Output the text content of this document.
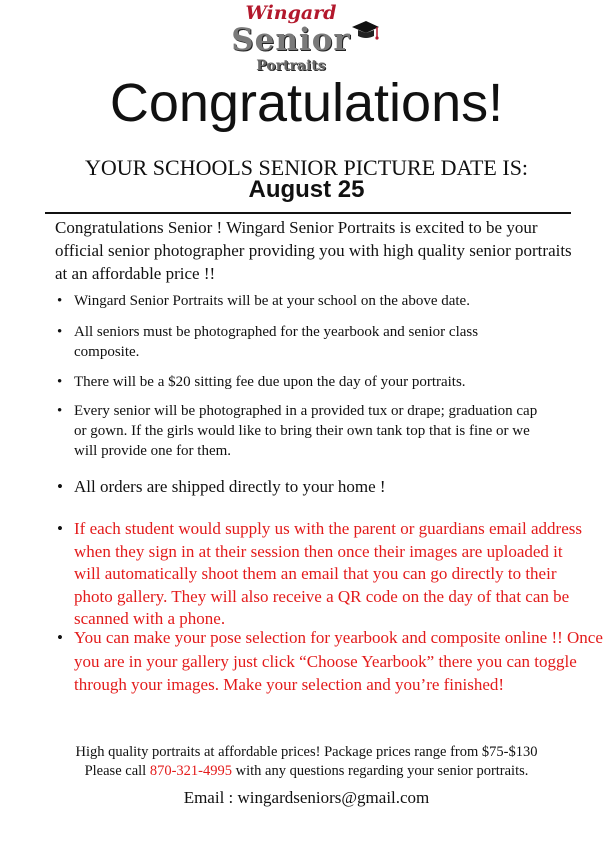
Wingard
Senior
Portraits
Congratulations!
YOUR SCHOOLS SENIOR PICTURE DATE IS:
August 25
Congratulations Senior ! Wingard Senior Portraits is excited to be your official senior photographer providing you with high quality senior portraits at an affordable price !!
• Wingard Senior Portraits will be at your school on the above date.
• All seniors must be photographed for the yearbook and senior class composite.
• There will be a $20 sitting fee due upon the day of your portraits.
• Every senior will be photographed in a provided tux or drape; graduation cap or gown. If the girls would like to bring their own tank top that is fine or we will provide one for them.
• All orders are shipped directly to your home !
• If each student would supply us with the parent or guardians email address when they sign in at their session then once their images are uploaded it will automatically shoot them an email that you can go directly to their photo gallery. They will also receive a QR code on the day of that can be scanned with a phone.
• You can make your pose selection for yearbook and composite online !! Once you are in your gallery just click “Choose Yearbook” there you can toggle through your images. Make your selection and you’re finished!
High quality portraits at affordable prices! Package prices range from $75-$130
Please call 870-321-4995 with any questions regarding your senior portraits.
Email : wingardseniors@gmail.com
